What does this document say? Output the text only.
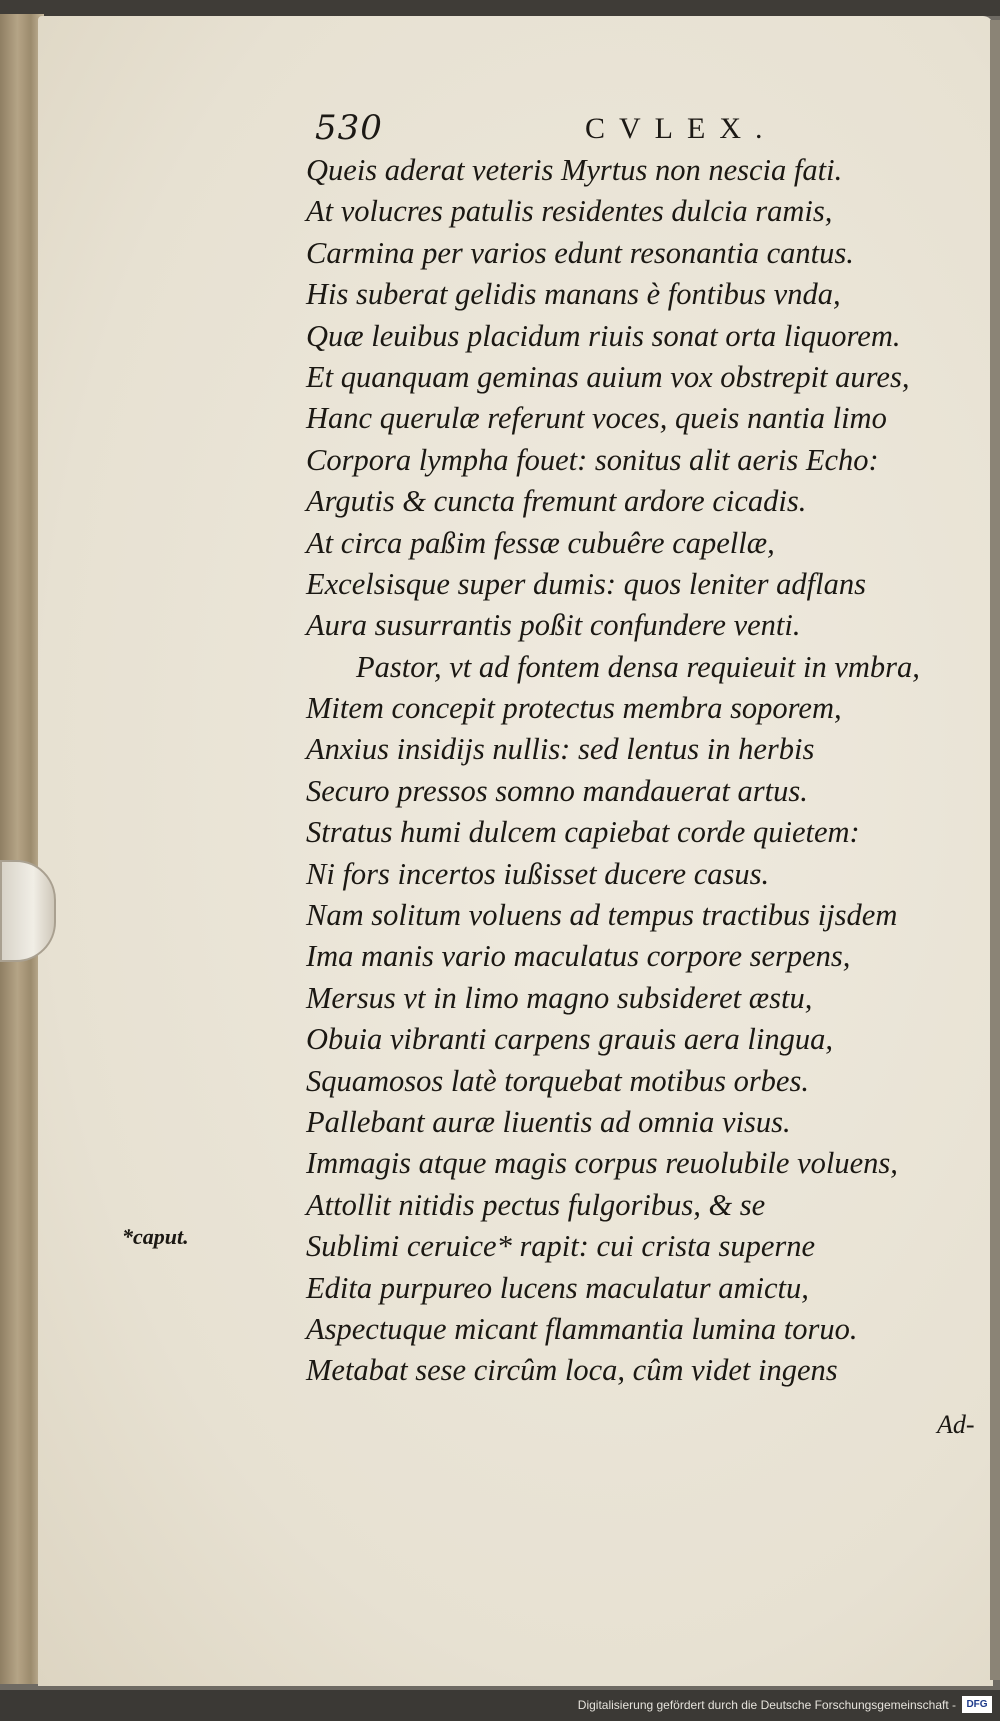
530	CVLEX.
Queis aderat veteris Myrtus non nescia fati.
At volucres patulis residentes dulcia ramis,
Carmina per varios edunt resonantia cantus.
His suberat gelidis manans è fontibus vnda,
Quæ leuibus placidum riuis sonat orta liquorem.
Et quanquam geminas auium vox obstrepit aures,
Hanc querulæ referunt voces, queis nantia limo
Corpora lympha fouet: sonitus alit aeris Echo:
Argutis & cuncta fremunt ardore cicadis.
At circa paßim fessæ cubuêre capellæ,
Excelsisque super dumis: quos leniter adflans
Aura susurrantis poßit confundere venti.
Pastor, vt ad fontem densa requieuit in vmbra,
Mitem concepit protectus membra soporem,
Anxius insidijs nullis: sed lentus in herbis
Securo pressos somno mandauerat artus.
Stratus humi dulcem capiebat corde quietem:
Ni fors incertos iußisset ducere casus.
Nam solitum voluens ad tempus tractibus ijsdem
Ima manis vario maculatus corpore serpens,
Mersus vt in limo magno subsideret æstu,
Obuia vibranti carpens grauis aera lingua,
Squamosos latè torquebat motibus orbes.
Pallebant auræ liuentis ad omnia visus.
Immagis atque magis corpus reuolubile voluens,
Attollit nitidis pectus fulgoribus, & se
Sublimi ceruice* rapit: cui crista superne
Edita purpureo lucens maculatur amictu,
Aspectuque micant flammantia lumina toruo.
Metabat sese circûm loca, cûm videt ingens
*caput.
Ad-
Digitalisierung gefördert durch die Deutsche Forschungsgemeinschaft -	DFG
